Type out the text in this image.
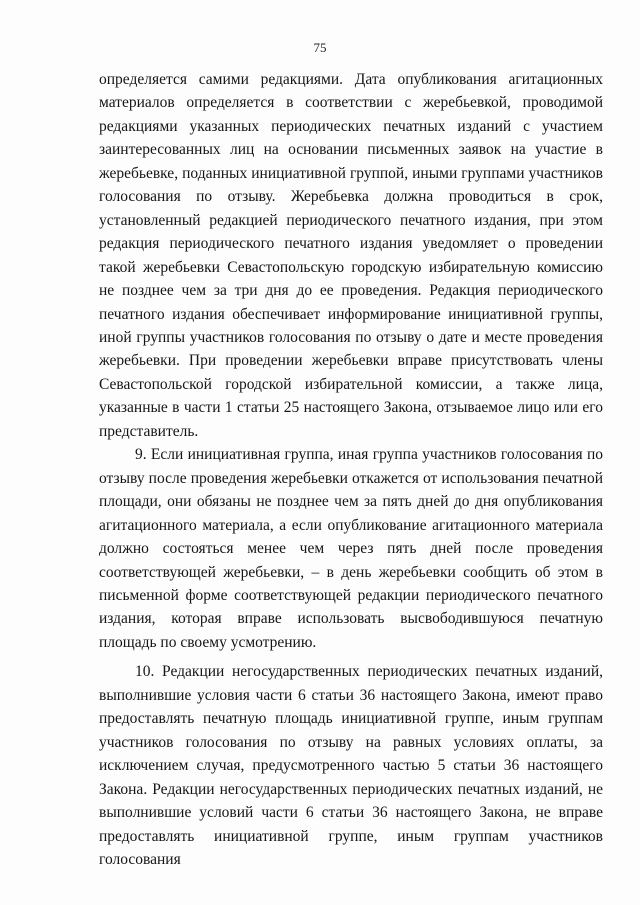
75

определяется самими редакциями. Дата опубликования агитационных материалов определяется в соответствии с жеребьевкой, проводимой редакциями указанных периодических печатных изданий с участием заинтересованных лиц на основании письменных заявок на участие в жеребьевке, поданных инициативной группой, иными группами участников голосования по отзыву. Жеребьевка должна проводиться в срок, установленный редакцией периодического печатного издания, при этом редакция периодического печатного издания уведомляет о проведении такой жеребьевки Севастопольскую городскую избирательную комиссию не позднее чем за три дня до ее проведения. Редакция периодического печатного издания обеспечивает информирование инициативной группы, иной группы участников голосования по отзыву о дате и месте проведения жеребьевки. При проведении жеребьевки вправе присутствовать члены Севастопольской городской избирательной комиссии, а также лица, указанные в части 1 статьи 25 настоящего Закона, отзываемое лицо или его представитель.

9. Если инициативная группа, иная группа участников голосования по отзыву после проведения жеребьевки откажется от использования печатной площади, они обязаны не позднее чем за пять дней до дня опубликования агитационного материала, а если опубликование агитационного материала должно состояться менее чем через пять дней после проведения соответствующей жеребьевки, – в день жеребьевки сообщить об этом в письменной форме соответствующей редакции периодического печатного издания, которая вправе использовать высвободившуюся печатную площадь по своему усмотрению.

10. Редакции негосударственных периодических печатных изданий, выполнившие условия части 6 статьи 36 настоящего Закона, имеют право предоставлять печатную площадь инициативной группе, иным группам участников голосования по отзыву на равных условиях оплаты, за исключением случая, предусмотренного частью 5 статьи 36 настоящего Закона. Редакции негосударственных периодических печатных изданий, не выполнившие условий части 6 статьи 36 настоящего Закона, не вправе предоставлять инициативной группе, иным группам участников голосования
